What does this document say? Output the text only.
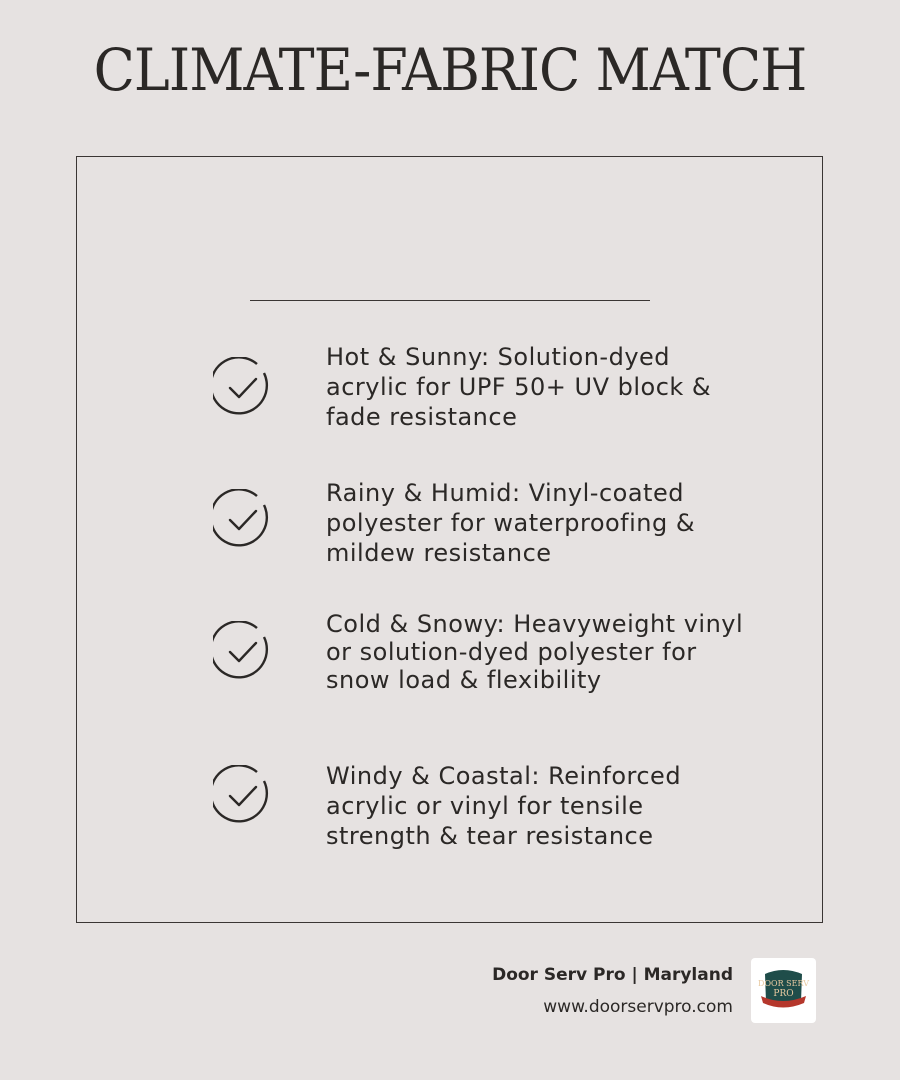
CLIMATE-FABRIC MATCH
Hot & Sunny: Solution-dyed acrylic for UPF 50+ UV block & fade resistance
Rainy & Humid: Vinyl-coated polyester for waterproofing & mildew resistance
Cold & Snowy: Heavyweight vinyl or solution-dyed polyester for snow load & flexibility
Windy & Coastal: Reinforced acrylic or vinyl for tensile strength & tear resistance
Door Serv Pro | Maryland
www.doorservpro.com
DOOR SERV
PRO
